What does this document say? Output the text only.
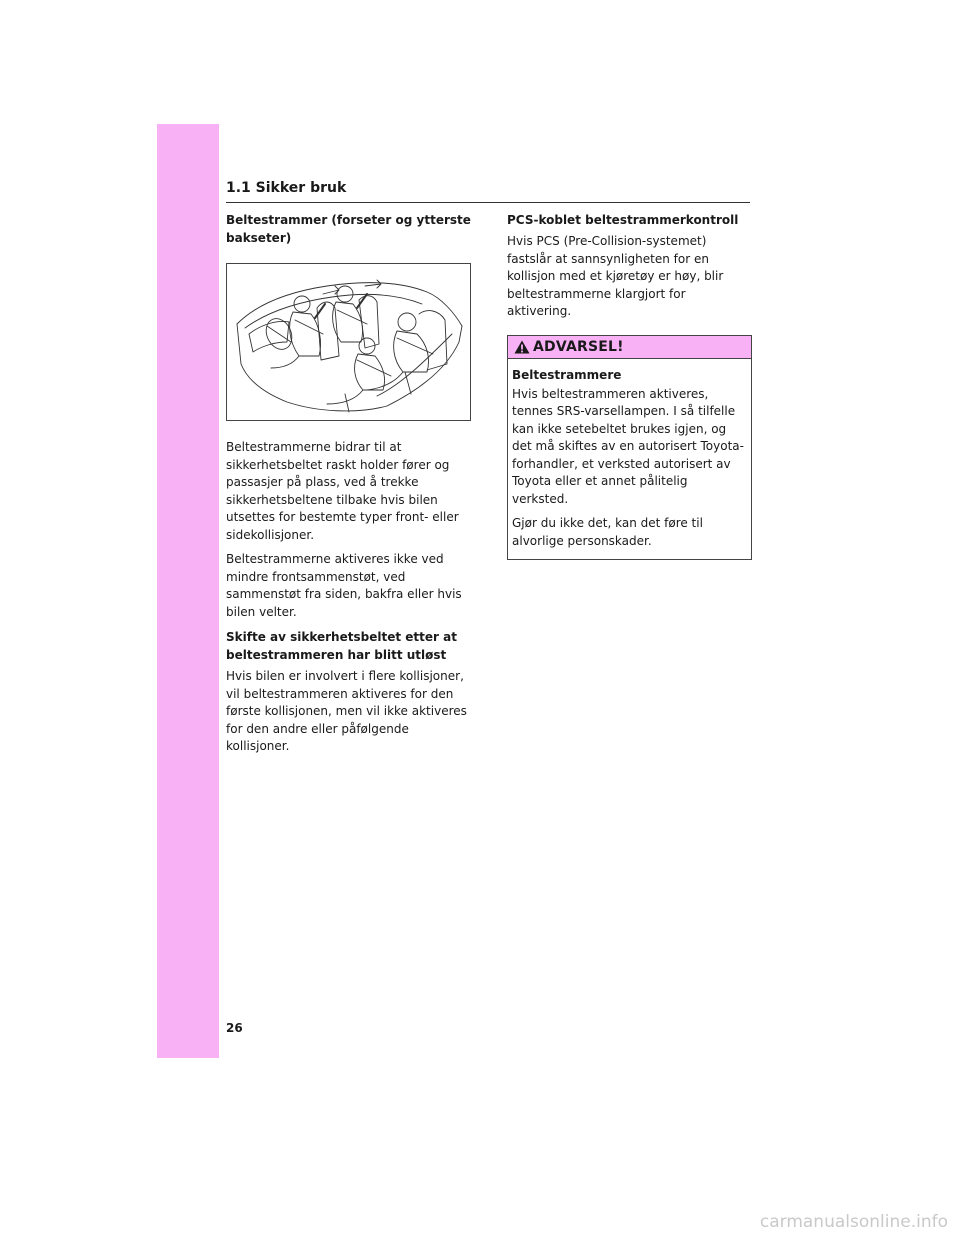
1.1 Sikker bruk
Beltestrammer (forseter og ytterste bakseter)

Beltestrammerne bidrar til at sikkerhetsbeltet raskt holder fører og passasjer på plass, ved å trekke sikkerhetsbeltene tilbake hvis bilen utsettes for bestemte typer front- eller sidekollisjoner.

Beltestrammerne aktiveres ikke ved mindre frontsammenstøt, ved sammenstøt fra siden, bakfra eller hvis bilen velter.

Skifte av sikkerhetsbeltet etter at beltestrammeren har blitt utløst

Hvis bilen er involvert i flere kollisjoner, vil beltestrammeren aktiveres for den første kollisjonen, men vil ikke aktiveres for den andre eller påfølgende kollisjoner.

PCS-koblet beltestrammerkontroll

Hvis PCS (Pre-Collision-systemet) fastslår at sannsynligheten for en kollisjon med et kjøretøy er høy, blir beltestrammerne klargjort for aktivering.

ADVARSEL!
Beltestrammere

Hvis beltestrammeren aktiveres, tennes SRS-varsellampen. I så tilfelle kan ikke setebeltet brukes igjen, og det må skiftes av en autorisert Toyota-forhandler, et verksted autorisert av Toyota eller et annet pålitelig verksted.

Gjør du ikke det, kan det føre til alvorlige personskader.

26
carmanualsonline.info
